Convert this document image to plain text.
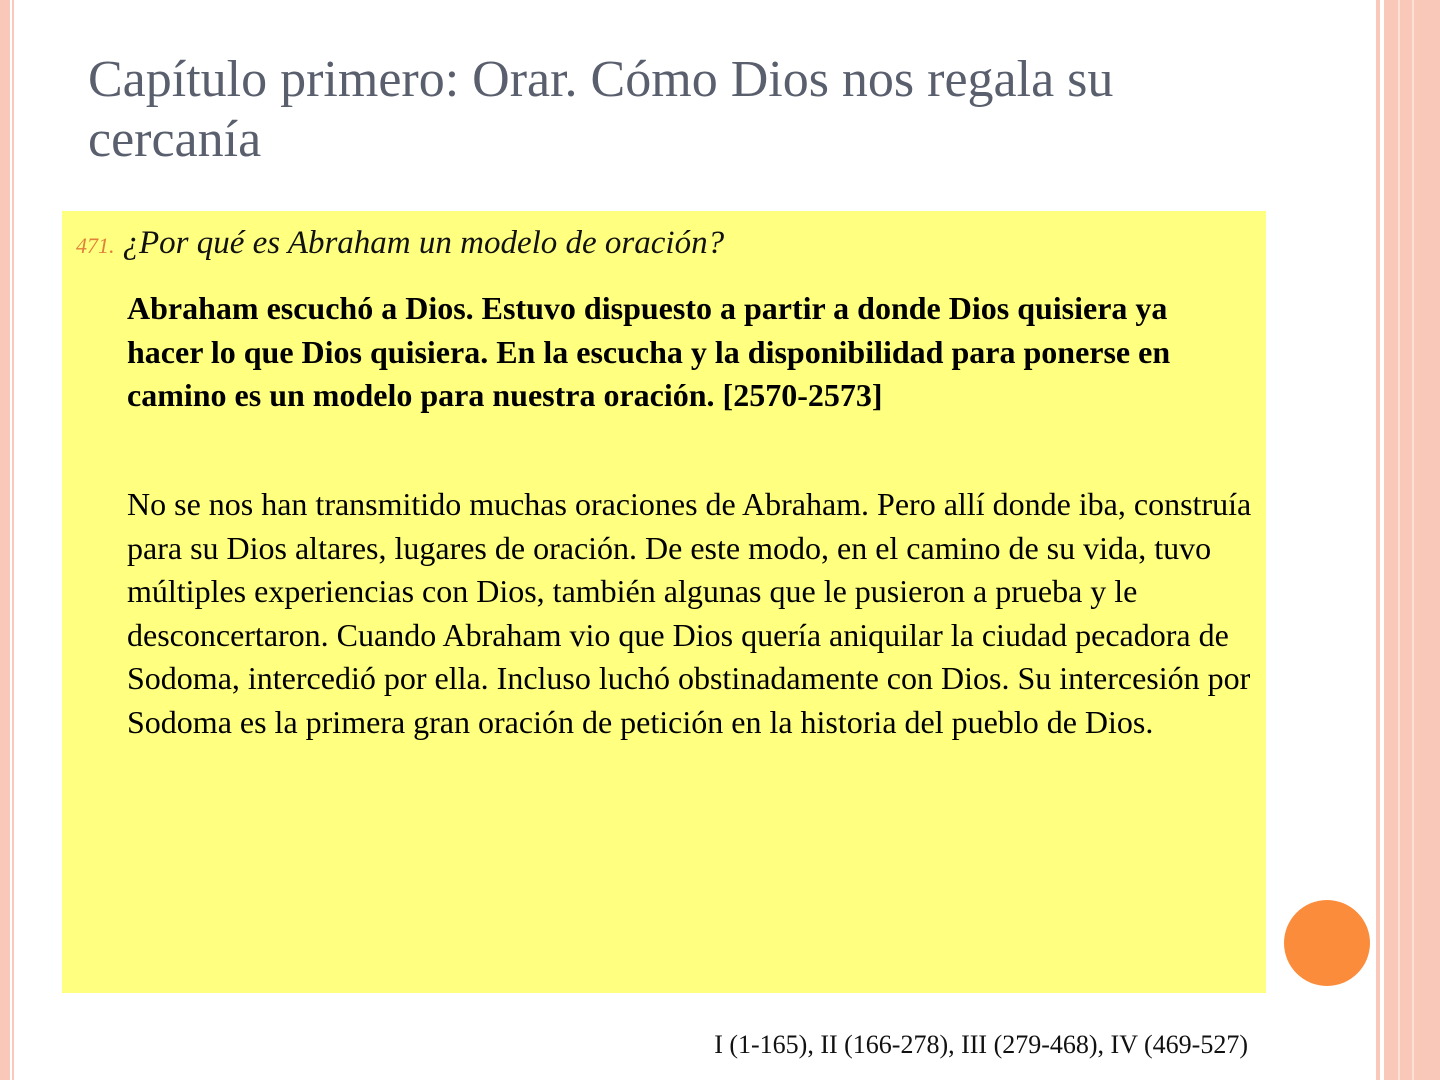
Capítulo primero: Orar. Cómo Dios nos regala su cercanía
471. ¿Por qué es Abraham un modelo de oración?

Abraham escuchó a Dios. Estuvo dispuesto a partir a donde Dios quisiera ya hacer lo que Dios quisiera. En la escucha y la disponibilidad para ponerse en camino es un modelo para nuestra oración. [2570-2573]

No se nos han transmitido muchas oraciones de Abraham. Pero allí donde iba, construía para su Dios altares, lugares de oración. De este modo, en el camino de su vida, tuvo múltiples experiencias con Dios, también algunas que le pusieron a prueba y le desconcertaron. Cuando Abraham vio que Dios quería aniquilar la ciudad pecadora de Sodoma, intercedió por ella. Incluso luchó obstinadamente con Dios. Su intercesión por Sodoma es la primera gran oración de petición en la historia del pueblo de Dios.

I (1-165), II (166-278), III (279-468), IV (469-527)
